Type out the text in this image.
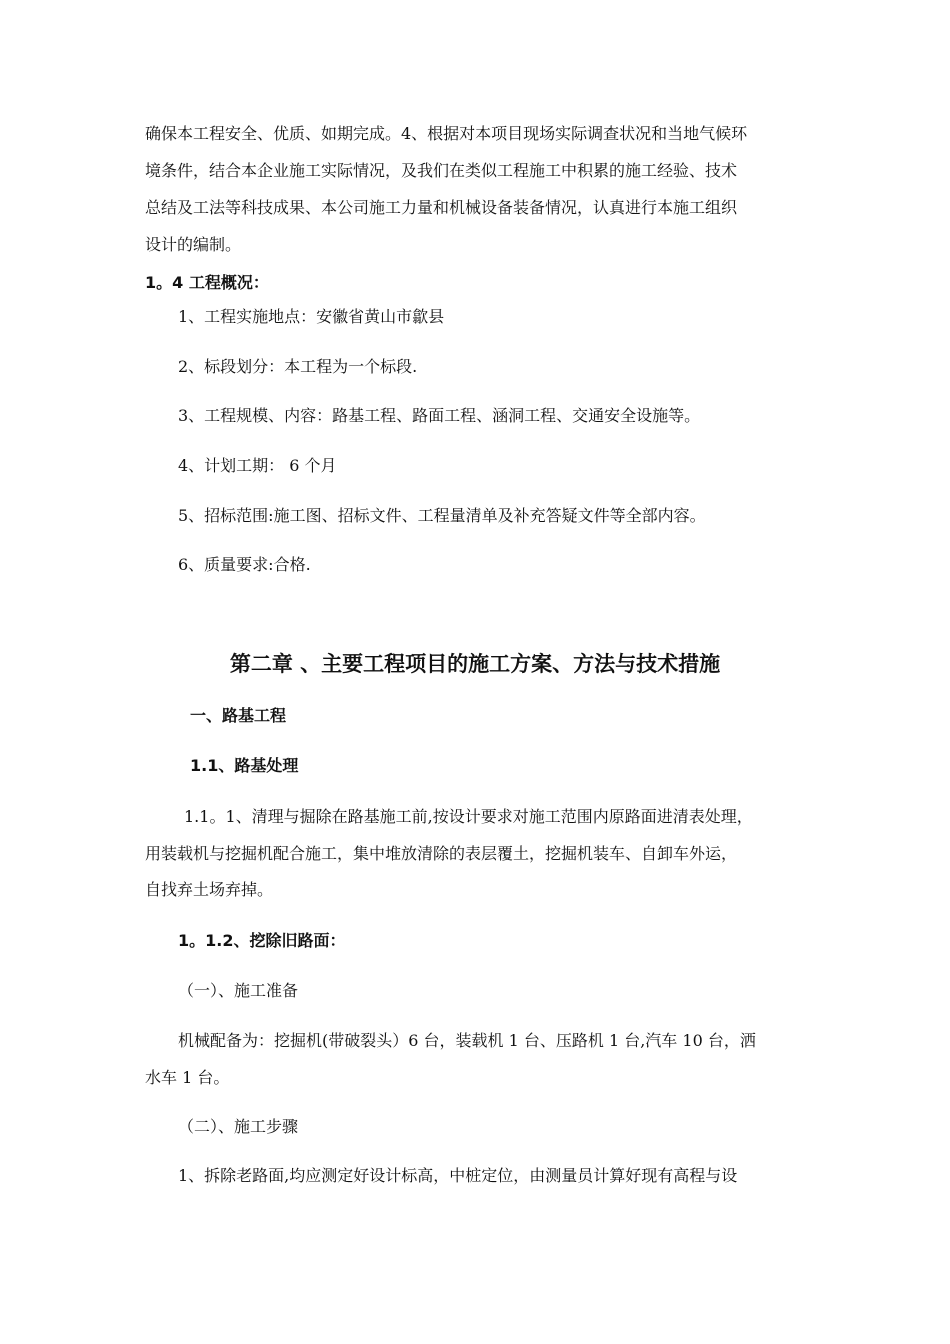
确保本工程安全、优质、如期完成。4、根据对本项目现场实际调查状况和当地气候环
境条件，结合本企业施工实际情况，及我们在类似工程施工中积累的施工经验、技术
总结及工法等科技成果、本公司施工力量和机械设备装备情况，认真进行本施工组织
设计的编制。
1。4 工程概况：
1、工程实施地点：安徽省黄山市歙县
2、标段划分：本工程为一个标段.
3、工程规模、内容：路基工程、路面工程、涵洞工程、交通安全设施等。
4、计划工期： 6 个月
5、招标范围:施工图、招标文件、工程量清单及补充答疑文件等全部内容。
6、质量要求:合格.
第二章 、主要工程项目的施工方案、方法与技术措施
一、路基工程
1.1、路基处理
1.1。1、清理与掘除在路基施工前,按设计要求对施工范围内原路面进清表处理，
用装载机与挖掘机配合施工，集中堆放清除的表层覆土，挖掘机装车、自卸车外运，
自找弃土场弃掉。
1。1.2、挖除旧路面：
（一）、施工准备
机械配备为：挖掘机(带破裂头）6 台，装载机 1 台、压路机 1 台,汽车 10 台，洒
水车 1 台。
（二）、施工步骤
1、拆除老路面,均应测定好设计标高，中桩定位，由测量员计算好现有高程与设
